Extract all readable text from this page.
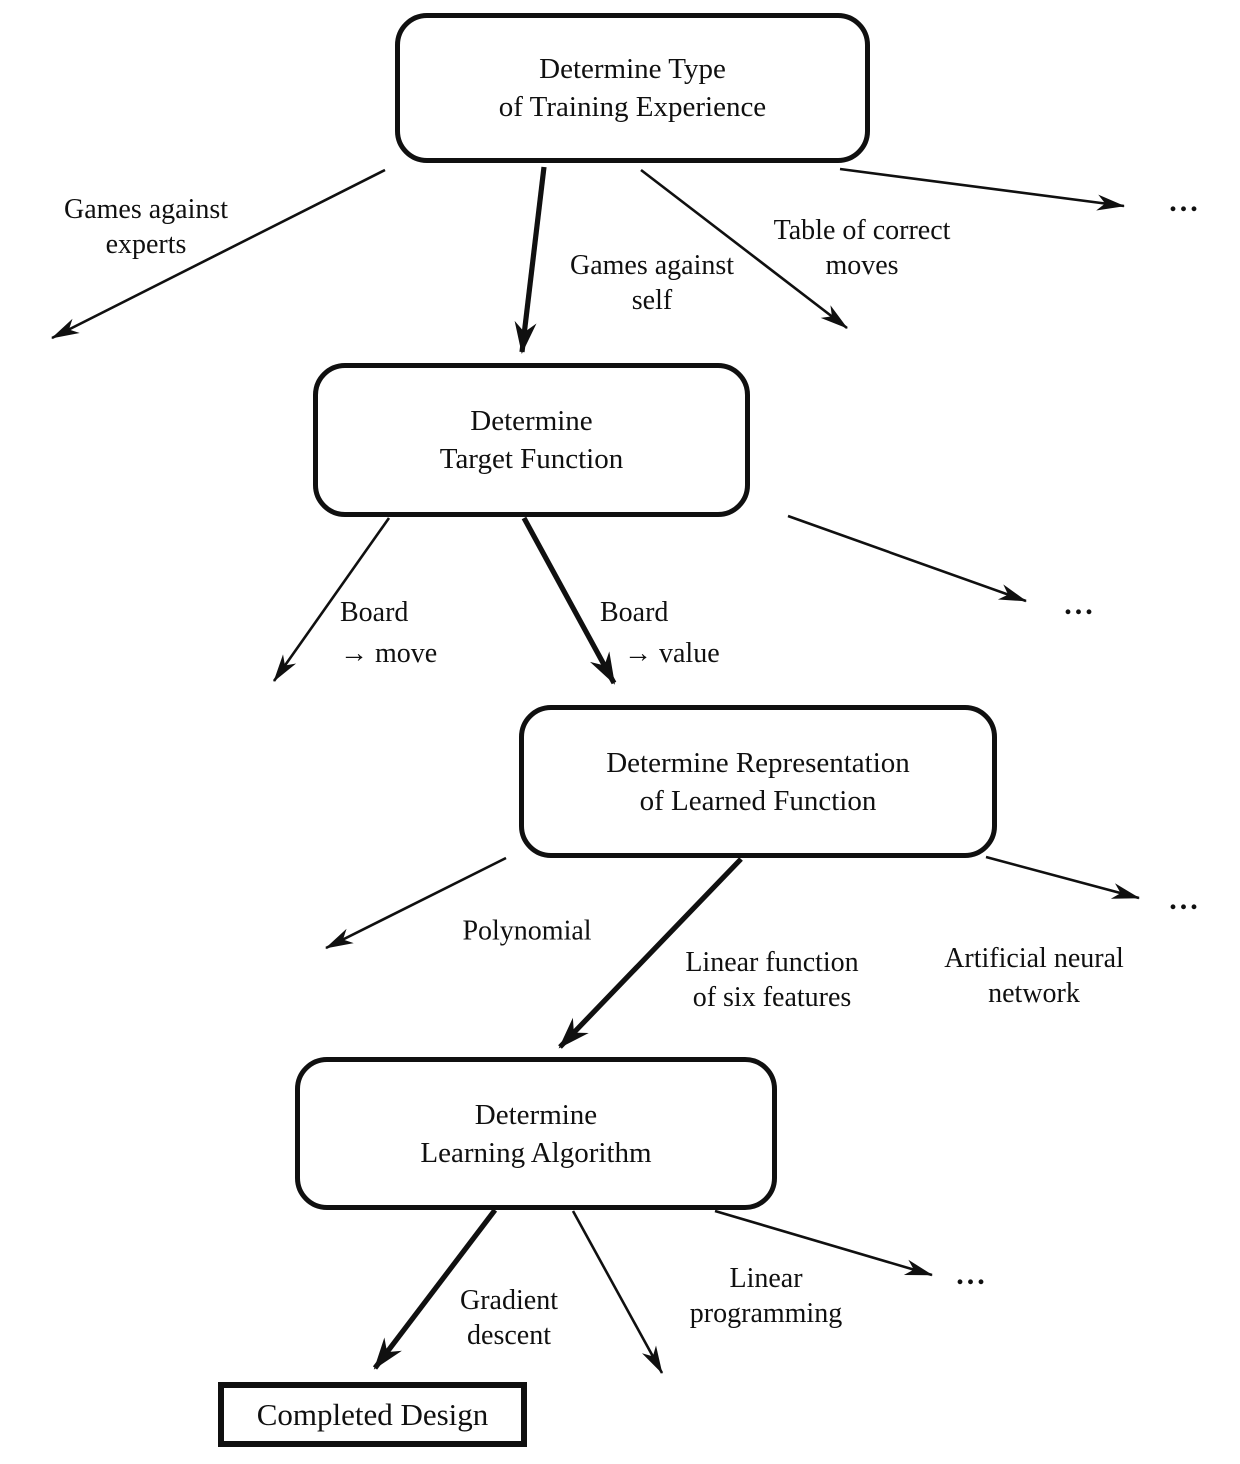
Determine Type
of Training Experience
Determine
Target Function
Determine Representation
of Learned Function
Determine
Learning Algorithm
Completed Design
Games against
experts
Games against
self
Table of correct
moves
...
Board
→ move
Board
→ value
...
Polynomial
Linear function
of six features
Artificial neural
network
...
Gradient
descent
Linear
programming
...
